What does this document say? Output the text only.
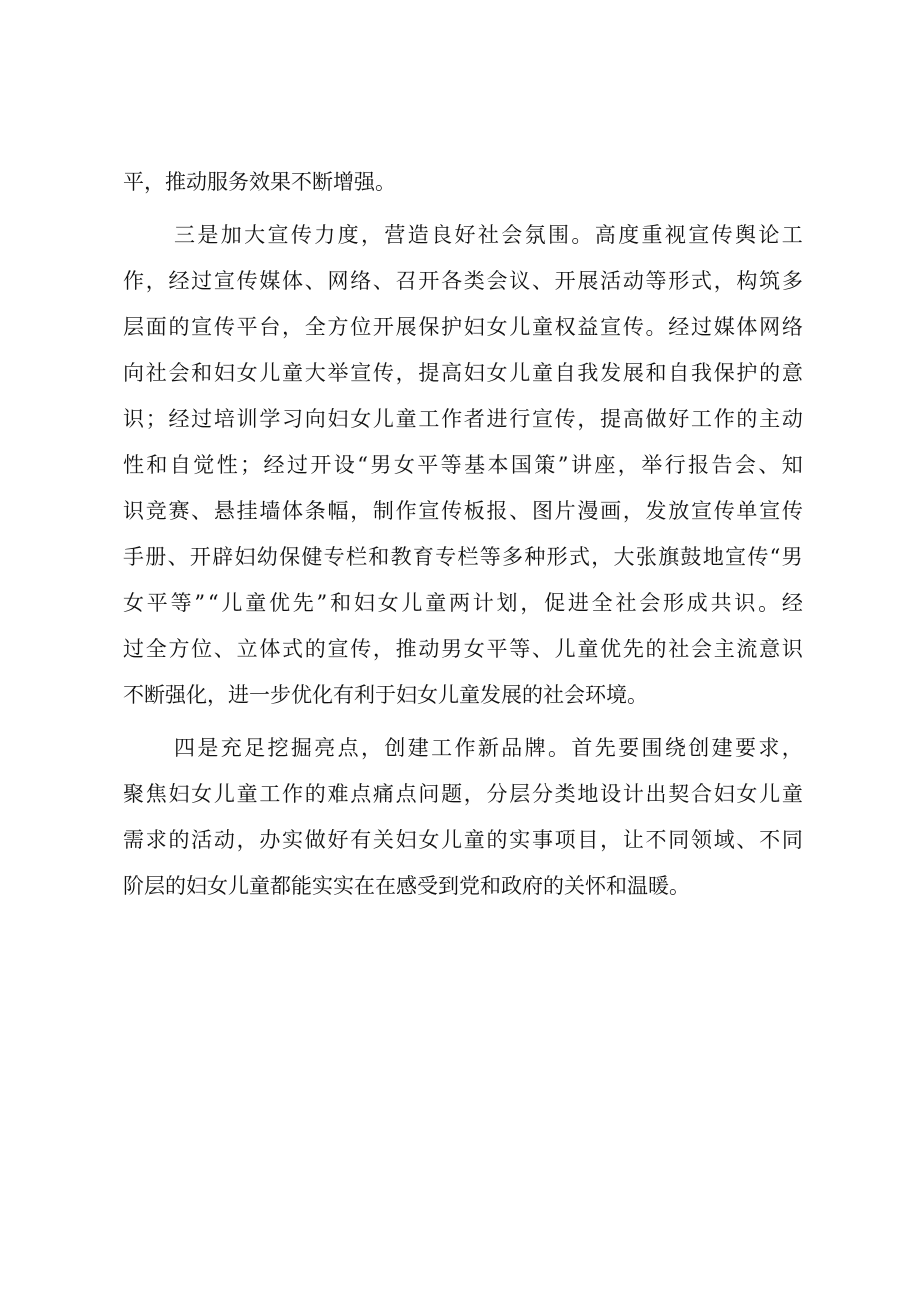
平，推动服务效果不断增强。
三 是 加 大 宣 传 力 度 ， 营 造 良 好 社 会 氛 围 。 高 度 重 视 宣 传 舆 论 工
作 ， 经 过 宣 传 媒 体 、 网 络 、 召 开 各 类 会 议 、 开 展 活 动 等 形 式 ， 构 筑 多
层 面 的 宣 传 平 台 ， 全 方 位 开 展 保 护 妇 女 儿 童 权 益 宣 传 。 经 过 媒 体 网 络
向 社 会 和 妇 女 儿 童 大 举 宣 传 ， 提 高 妇 女 儿 童 自 我 发 展 和 自 我 保 护 的 意
识 ； 经 过 培 训 学 习 向 妇 女 儿 童 工 作 者 进 行 宣 传 ， 提 高 做 好 工 作 的 主 动
性 和 自 觉 性 ； 经 过 开 设 “ 男 女 平 等 基 本 国 策 ” 讲 座 ， 举 行 报 告 会 、 知
识 竞 赛 、 悬 挂 墙 体 条 幅 ， 制 作 宣 传 板 报 、 图 片 漫 画 ， 发 放 宣 传 单 宣 传
手 册 、 开 辟 妇 幼 保 健 专 栏 和 教 育 专 栏 等 多 种 形 式 ， 大 张 旗 鼓 地 宣 传 “ 男
女 平 等 ” “ 儿 童 优 先 ” 和 妇 女 儿 童 两 计 划 ， 促 进 全 社 会 形 成 共 识 。 经
过 全 方 位 、 立 体 式 的 宣 传 ， 推 动 男 女 平 等 、 儿 童 优 先 的 社 会 主 流 意 识
不断强化，进一步优化有利于妇女儿童发展的社会环境。
四 是 充 足 挖 掘 亮 点 ， 创 建 工 作 新 品 牌 。 首 先 要 围 绕 创 建 要 求 ，
聚 焦 妇 女 儿 童 工 作 的 难 点 痛 点 问 题 ， 分 层 分 类 地 设 计 出 契 合 妇 女 儿 童
需 求 的 活 动 ， 办 实 做 好 有 关 妇 女 儿 童 的 实 事 项 目 ， 让 不 同 领 域 、 不 同
阶层的妇女儿童都能实实在在感受到党和政府的关怀和温暖。
